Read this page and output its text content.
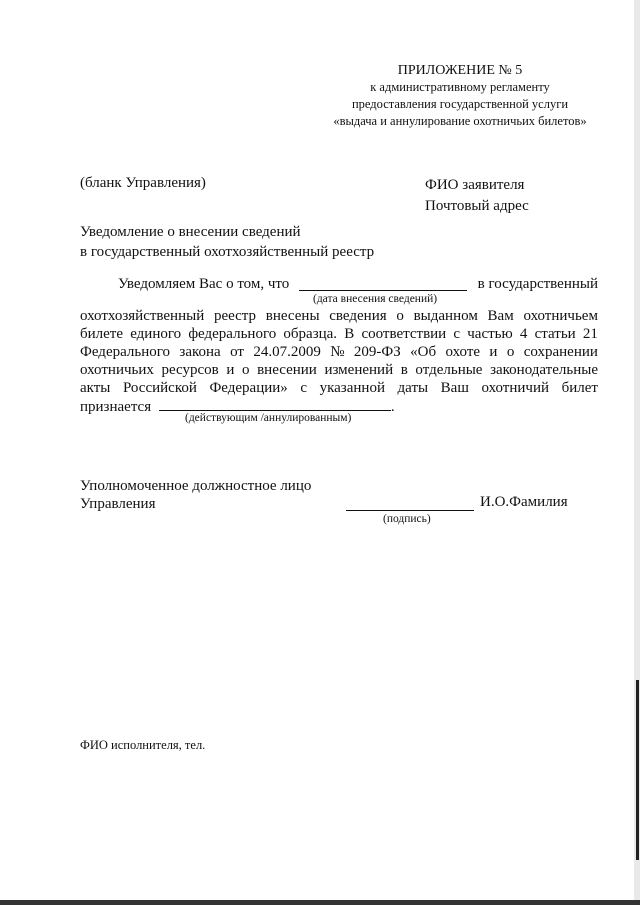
ПРИЛОЖЕНИЕ № 5
к административному регламенту
предоставления государственной услуги
«выдача и аннулирование охотничьих билетов»
(бланк Управления)	ФИО заявителя
Почтовый адрес
Уведомление о внесении сведений
в государственный охотхозяйственный реестр
Уведомляем Вас о том, что	в государственный
(дата внесения сведений)
охотхозяйственный реестр внесены сведения о выданном Вам охотничьем
билете единого федерального образца. В соответствии с частью 4 статьи 21
Федерального закона от 24.07.2009 № 209-ФЗ «Об охоте и о сохранении
охотничьих ресурсов и о внесении изменений в отдельные законодательные
акты Российской Федерации» с указанной даты Ваш охотничий билет
признается	.
(действующим /аннулированным)
Уполномоченное должностное лицо
Управления	И.О.Фамилия
(подпись)
ФИО исполнителя, тел.
